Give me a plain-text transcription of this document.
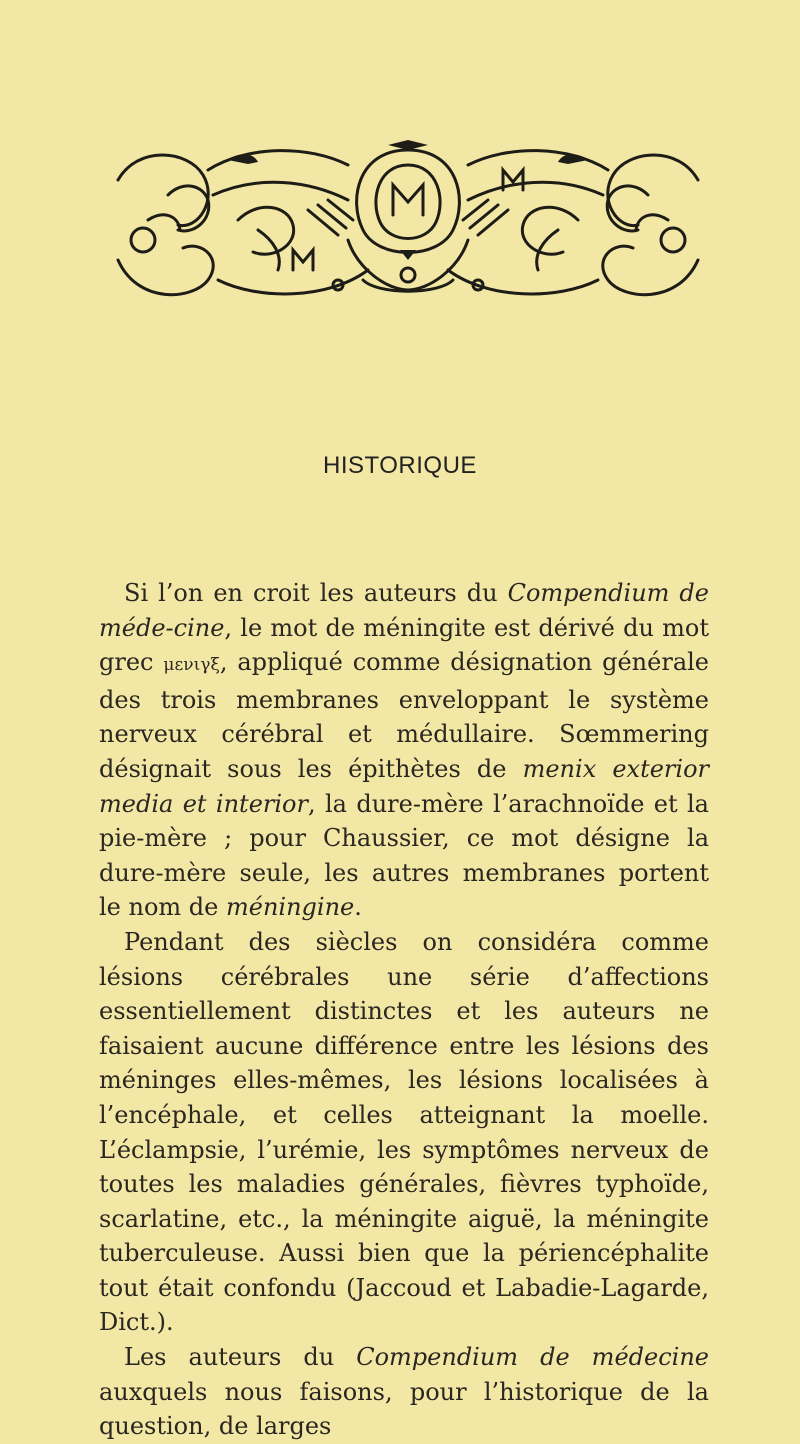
HISTORIQUE

Si l’on en croit les auteurs du Compendium de méde-cine, le mot de méningite est dérivé du mot grec μενιγξ, appliqué comme désignation générale des trois membranes enveloppant le système nerveux cérébral et médullaire. Sœmmering désignait sous les épithètes de menix exterior media et interior, la dure-mère l’arachnoïde et la pie-mère ; pour Chaussier, ce mot désigne la dure-mère seule, les autres membranes portent le nom de méningine.

Pendant des siècles on considéra comme lésions cérébrales une série d’affections essentiellement distinctes et les auteurs ne faisaient aucune différence entre les lésions des méninges elles-mêmes, les lésions localisées à l’encéphale, et celles atteignant la moelle. L’éclampsie, l’urémie, les symptômes nerveux de toutes les maladies générales, fièvres typhoïde, scarlatine, etc., la méningite aiguë, la méningite tuberculeuse. Aussi bien que la périencéphalite tout était confondu (Jaccoud et Labadie-Lagarde, Dict.).

Les auteurs du Compendium de médecine auxquels nous faisons, pour l’historique de la question, de larges
